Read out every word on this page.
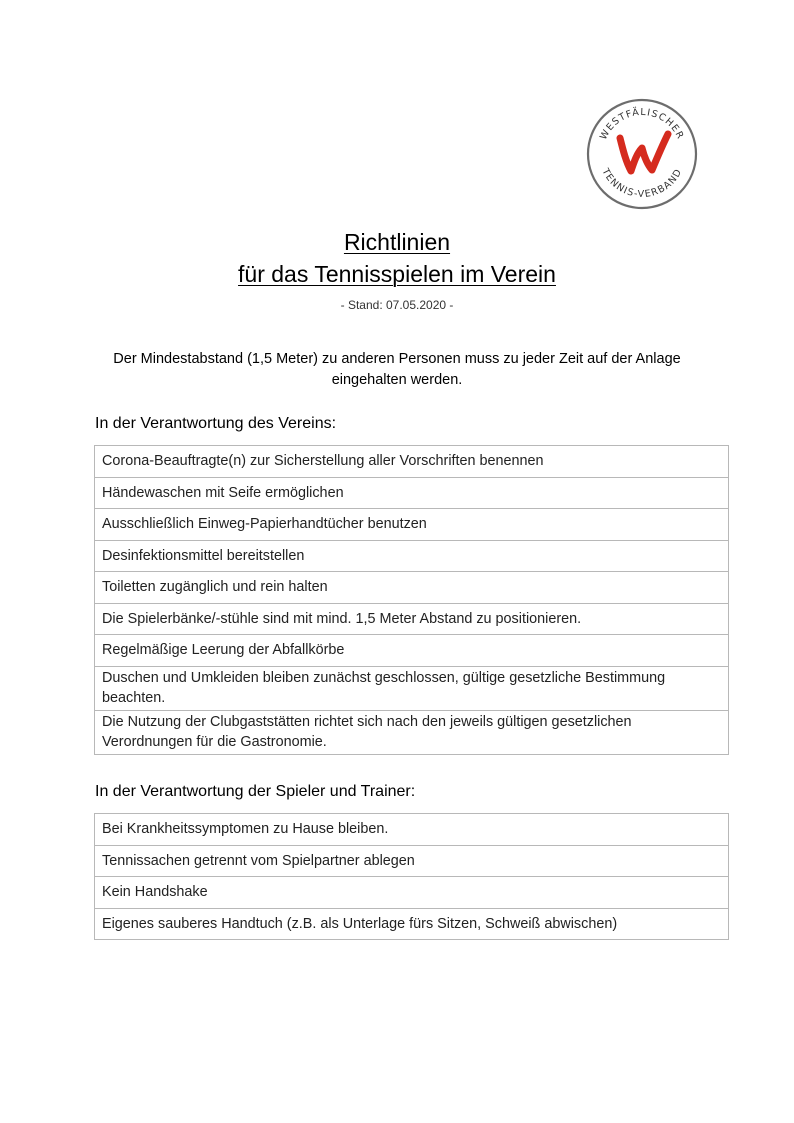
WESTFÄLISCHER
TENNIS-VERBAND
Richtlinien
für das Tennisspielen im Verein
- Stand: 07.05.2020 -
Der Mindestabstand (1,5 Meter) zu anderen Personen muss zu jeder Zeit auf der Anlage eingehalten werden.
In der Verantwortung des Vereins:
Corona-Beauftragte(n) zur Sicherstellung aller Vorschriften benennen
Händewaschen mit Seife ermöglichen
Ausschließlich Einweg-Papierhandtücher benutzen
Desinfektionsmittel bereitstellen
Toiletten zugänglich und rein halten
Die Spielerbänke/-stühle sind mit mind. 1,5 Meter Abstand zu positionieren.
Regelmäßige Leerung der Abfallkörbe
Duschen und Umkleiden bleiben zunächst geschlossen, gültige gesetzliche Bestimmung beachten.
Die Nutzung der Clubgaststätten richtet sich nach den jeweils gültigen gesetzlichen Verordnungen für die Gastronomie.
In der Verantwortung der Spieler und Trainer:
Bei Krankheitssymptomen zu Hause bleiben.
Tennissachen getrennt vom Spielpartner ablegen
Kein Handshake
Eigenes sauberes Handtuch (z.B. als Unterlage fürs Sitzen, Schweiß abwischen)
